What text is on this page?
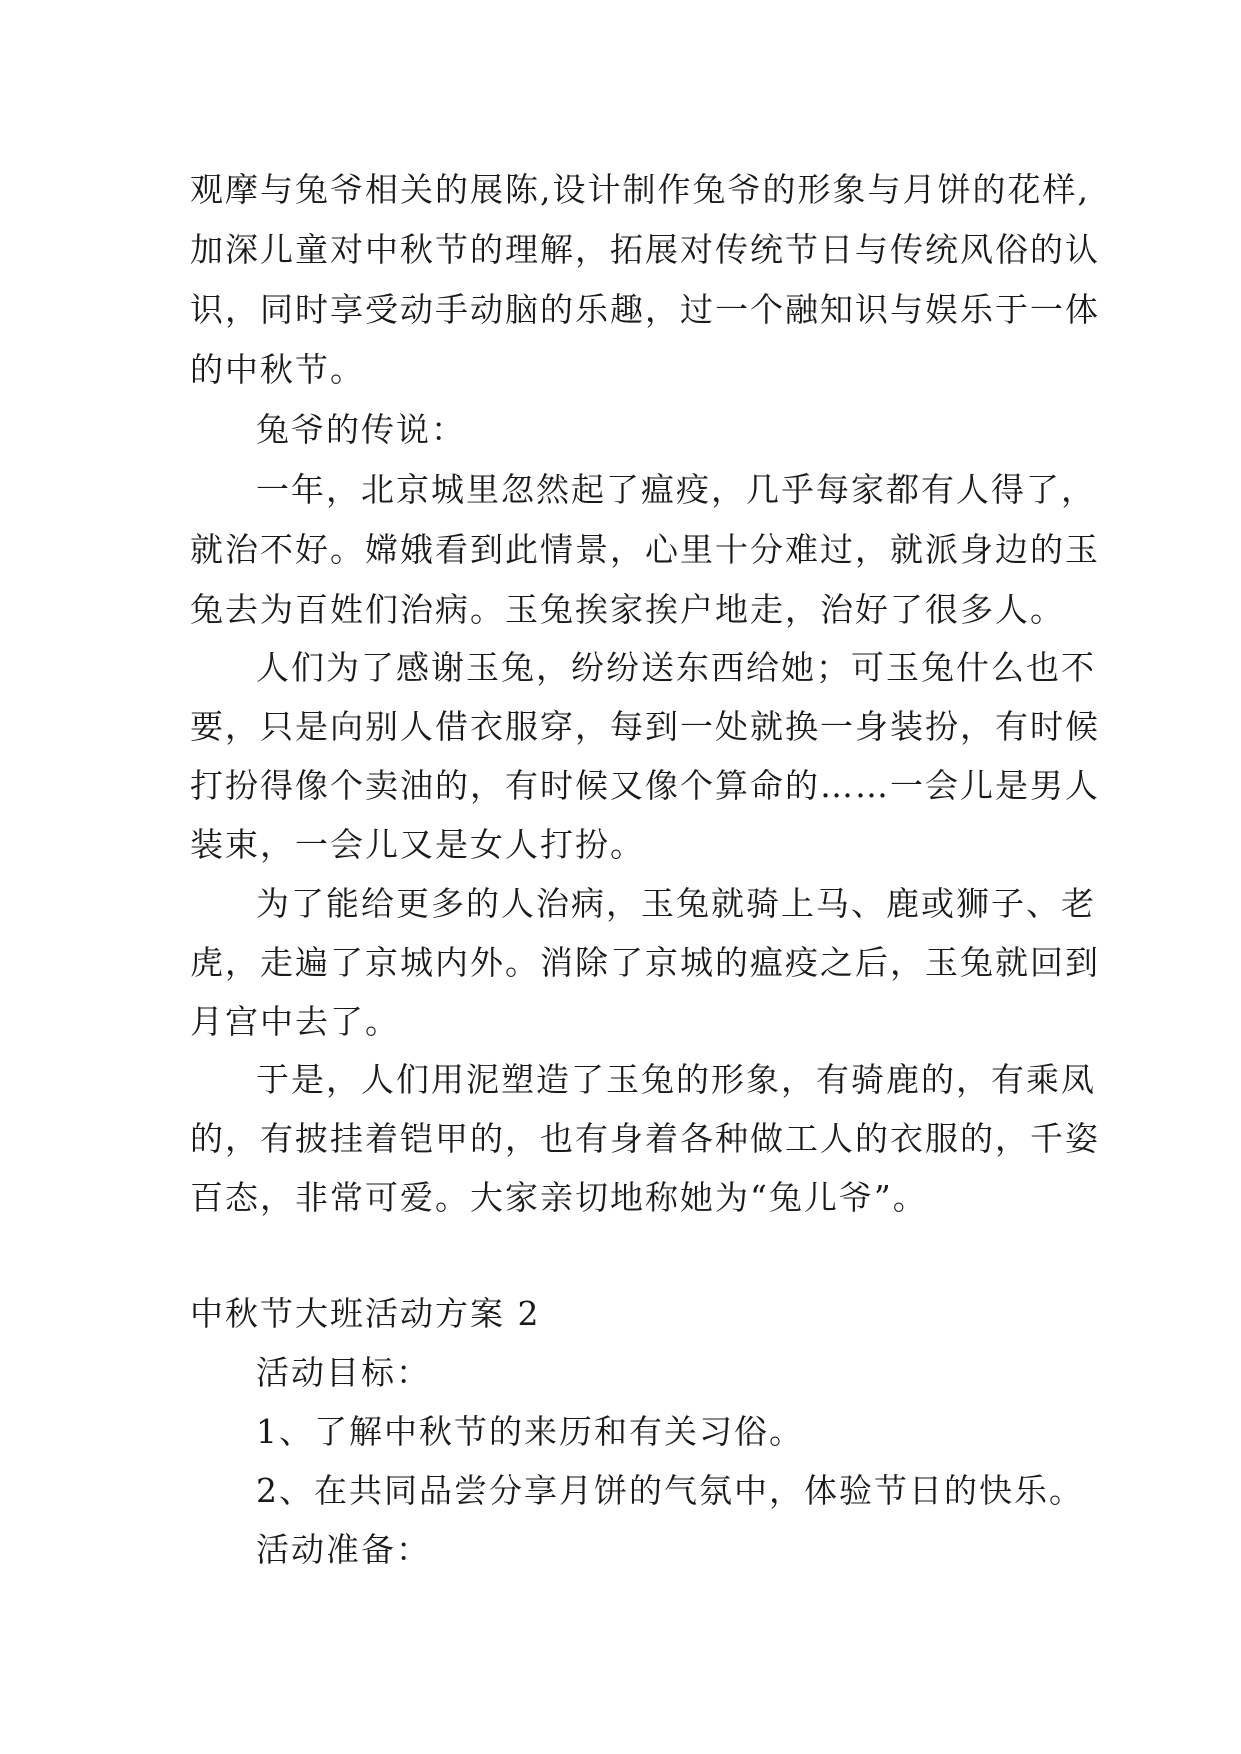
观摩与兔爷相关的展陈,设计制作兔爷的形象与月饼的花样,
加深儿童对中秋节的理解，拓展对传统节日与传统风俗的认
识，同时享受动手动脑的乐趣，过一个融知识与娱乐于一体
的中秋节。
兔爷的传说：
一年，北京城里忽然起了瘟疫，几乎每家都有人得了，
就治不好。嫦娥看到此情景，心里十分难过，就派身边的玉
兔去为百姓们治病。玉兔挨家挨户地走，治好了很多人。
人们为了感谢玉兔，纷纷送东西给她；可玉兔什么也不
要，只是向别人借衣服穿，每到一处就换一身装扮，有时候
打扮得像个卖油的，有时候又像个算命的……一会儿是男人
装束，一会儿又是女人打扮。
为了能给更多的人治病，玉兔就骑上马、鹿或狮子、老
虎，走遍了京城内外。消除了京城的瘟疫之后，玉兔就回到
月宫中去了。
于是，人们用泥塑造了玉兔的形象，有骑鹿的，有乘凤
的，有披挂着铠甲的，也有身着各种做工人的衣服的，千姿
百态，非常可爱。大家亲切地称她为“兔儿爷”。
中秋节大班活动方案 2
活动目标：
1、了解中秋节的来历和有关习俗。
2、在共同品尝分享月饼的气氛中，体验节日的快乐。
活动准备：
